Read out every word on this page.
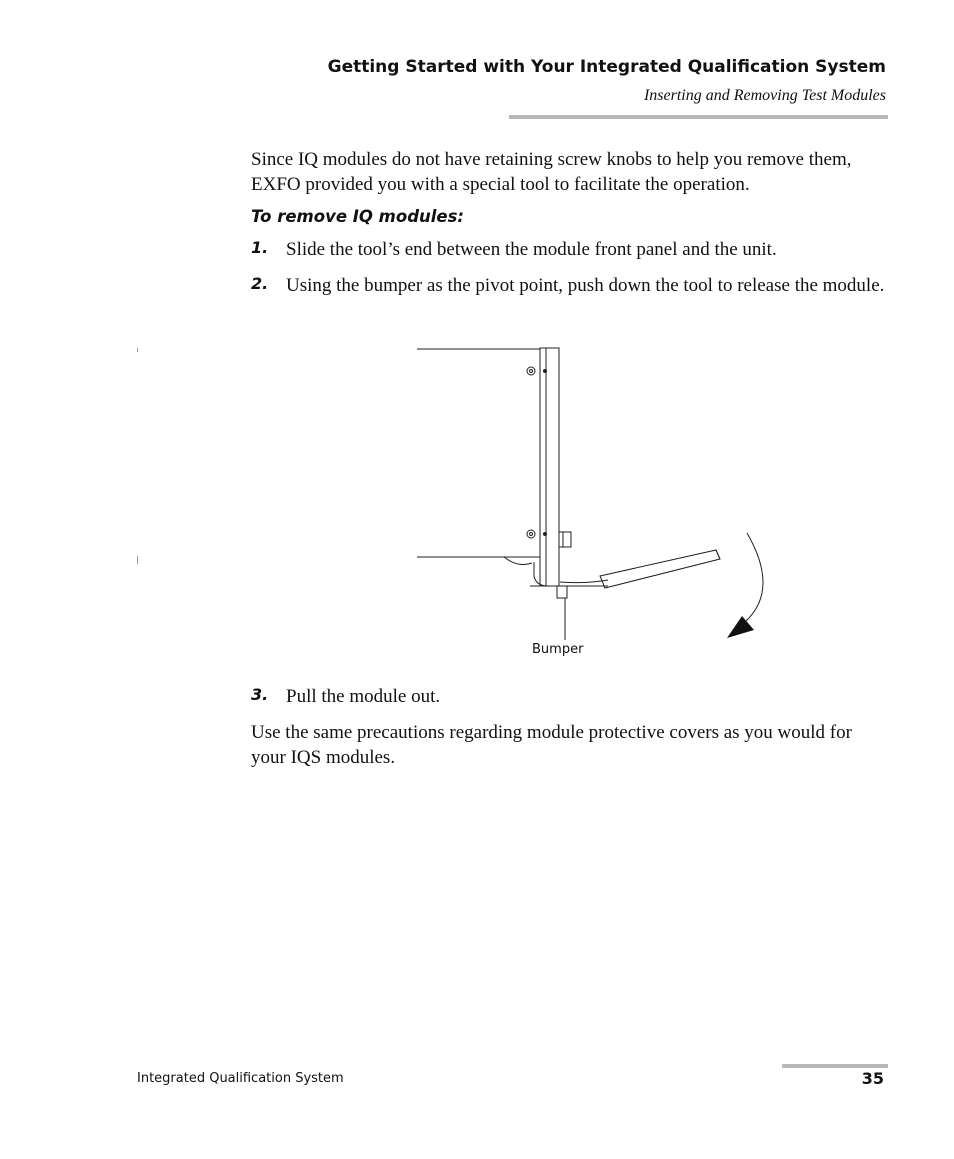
Getting Started with Your Integrated Qualification System
Inserting and Removing Test Modules
Since IQ modules do not have retaining screw knobs to help you remove them, EXFO provided you with a special tool to facilitate the operation.
To remove IQ modules:
1. Slide the tool’s end between the module front panel and the unit.
2. Using the bumper as the pivot point, push down the tool to release the module.
Bumper
3. Pull the module out.
Use the same precautions regarding module protective covers as you would for your IQS modules.
Integrated Qualification System	35
